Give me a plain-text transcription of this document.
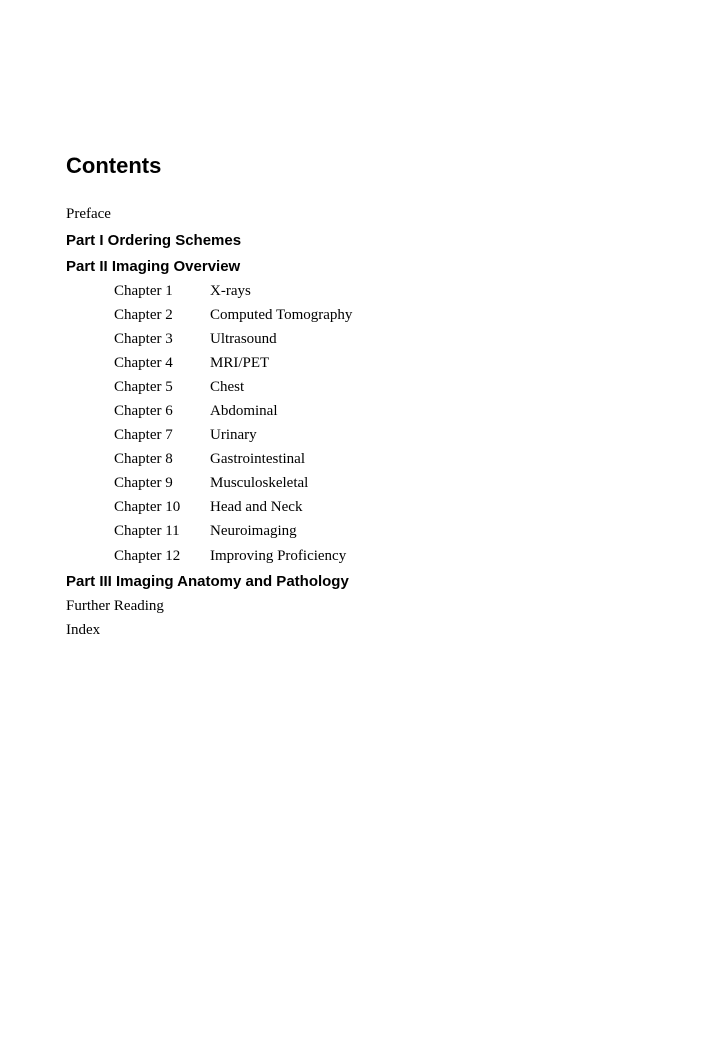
Contents
Preface
Part I Ordering Schemes
Part II Imaging Overview
Chapter 1	X-rays
Chapter 2	Computed Tomography
Chapter 3	Ultrasound
Chapter 4	MRI/PET
Chapter 5	Chest
Chapter 6	Abdominal
Chapter 7	Urinary
Chapter 8	Gastrointestinal
Chapter 9	Musculoskeletal
Chapter 10	Head and Neck
Chapter 11	Neuroimaging
Chapter 12	Improving Proficiency
Part III Imaging Anatomy and Pathology
Further Reading
Index
